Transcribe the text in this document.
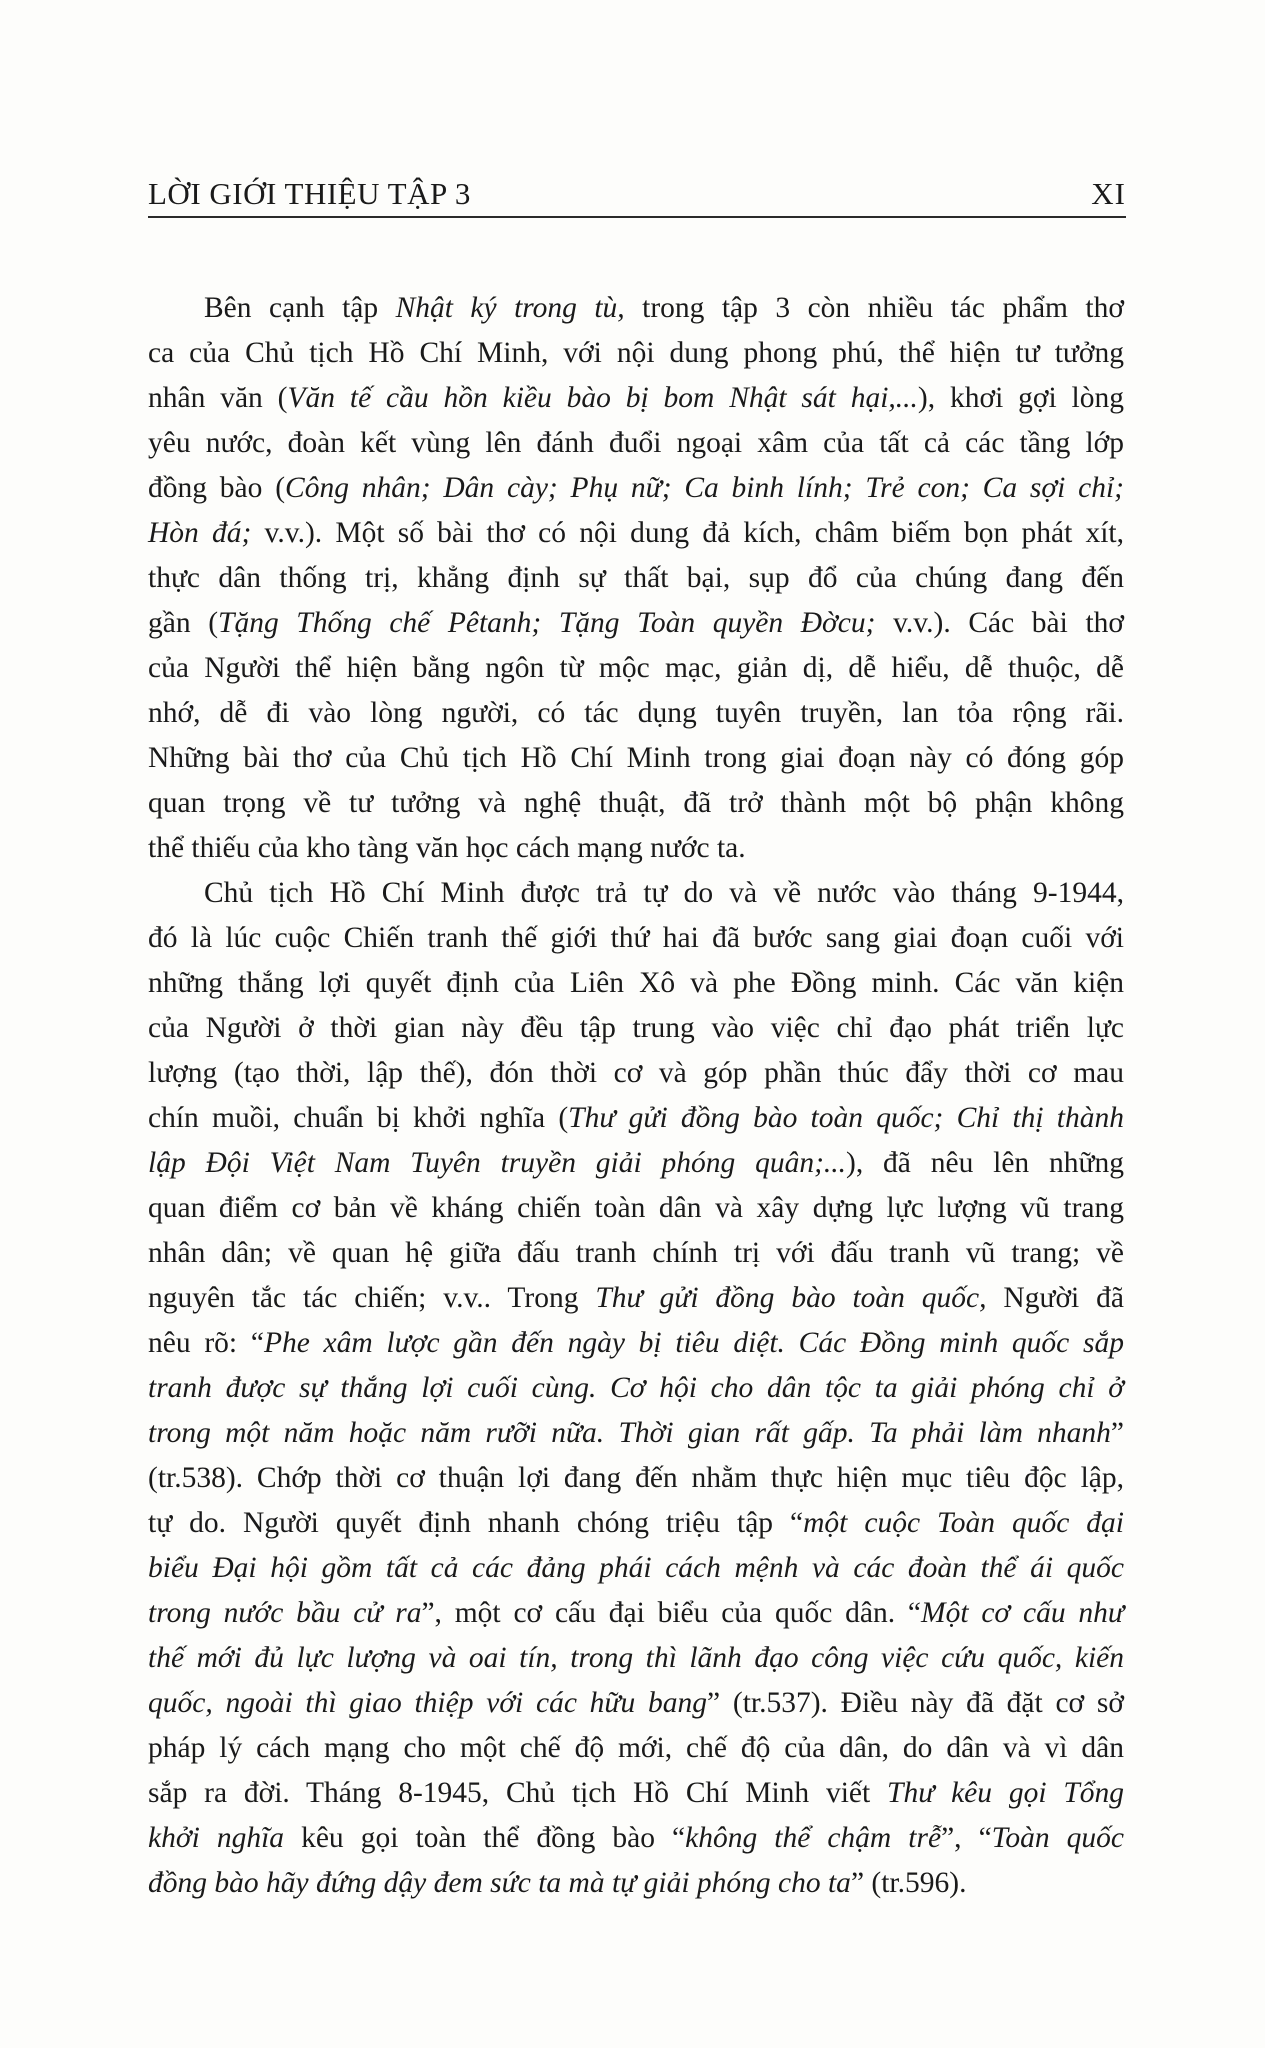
LỜI GIỚI THIỆU TẬP 3	XI
Bên cạnh tập Nhật ký trong tù, trong tập 3 còn nhiều tác phẩm thơ
ca của Chủ tịch Hồ Chí Minh, với nội dung phong phú, thể hiện tư tưởng
nhân văn (Văn tế cầu hồn kiều bào bị bom Nhật sát hại,...), khơi gợi lòng
yêu nước, đoàn kết vùng lên đánh đuổi ngoại xâm của tất cả các tầng lớp
đồng bào (Công nhân; Dân cày; Phụ nữ; Ca binh lính; Trẻ con; Ca sợi chỉ;
Hòn đá; v.v.). Một số bài thơ có nội dung đả kích, châm biếm bọn phát xít,
thực dân thống trị, khẳng định sự thất bại, sụp đổ của chúng đang đến
gần (Tặng Thống chế Pêtanh; Tặng Toàn quyền Đờcu; v.v.). Các bài thơ
của Người thể hiện bằng ngôn từ mộc mạc, giản dị, dễ hiểu, dễ thuộc, dễ
nhớ, dễ đi vào lòng người, có tác dụng tuyên truyền, lan tỏa rộng rãi.
Những bài thơ của Chủ tịch Hồ Chí Minh trong giai đoạn này có đóng góp
quan trọng về tư tưởng và nghệ thuật, đã trở thành một bộ phận không
thể thiếu của kho tàng văn học cách mạng nước ta.
Chủ tịch Hồ Chí Minh được trả tự do và về nước vào tháng 9-1944,
đó là lúc cuộc Chiến tranh thế giới thứ hai đã bước sang giai đoạn cuối với
những thắng lợi quyết định của Liên Xô và phe Đồng minh. Các văn kiện
của Người ở thời gian này đều tập trung vào việc chỉ đạo phát triển lực
lượng (tạo thời, lập thế), đón thời cơ và góp phần thúc đẩy thời cơ mau
chín muồi, chuẩn bị khởi nghĩa (Thư gửi đồng bào toàn quốc; Chỉ thị thành
lập Đội Việt Nam Tuyên truyền giải phóng quân;...), đã nêu lên những
quan điểm cơ bản về kháng chiến toàn dân và xây dựng lực lượng vũ trang
nhân dân; về quan hệ giữa đấu tranh chính trị với đấu tranh vũ trang; về
nguyên tắc tác chiến; v.v.. Trong Thư gửi đồng bào toàn quốc, Người đã
nêu rõ: “Phe xâm lược gần đến ngày bị tiêu diệt. Các Đồng minh quốc sắp
tranh được sự thắng lợi cuối cùng. Cơ hội cho dân tộc ta giải phóng chỉ ở
trong một năm hoặc năm rưỡi nữa. Thời gian rất gấp. Ta phải làm nhanh”
(tr.538). Chớp thời cơ thuận lợi đang đến nhằm thực hiện mục tiêu độc lập,
tự do. Người quyết định nhanh chóng triệu tập “một cuộc Toàn quốc đại
biểu Đại hội gồm tất cả các đảng phái cách mệnh và các đoàn thể ái quốc
trong nước bầu cử ra”, một cơ cấu đại biểu của quốc dân. “Một cơ cấu như
thế mới đủ lực lượng và oai tín, trong thì lãnh đạo công việc cứu quốc, kiến
quốc, ngoài thì giao thiệp với các hữu bang” (tr.537). Điều này đã đặt cơ sở
pháp lý cách mạng cho một chế độ mới, chế độ của dân, do dân và vì dân
sắp ra đời. Tháng 8-1945, Chủ tịch Hồ Chí Minh viết Thư kêu gọi Tổng
khởi nghĩa kêu gọi toàn thể đồng bào “không thể chậm trễ”, “Toàn quốc
đồng bào hãy đứng dậy đem sức ta mà tự giải phóng cho ta” (tr.596).
